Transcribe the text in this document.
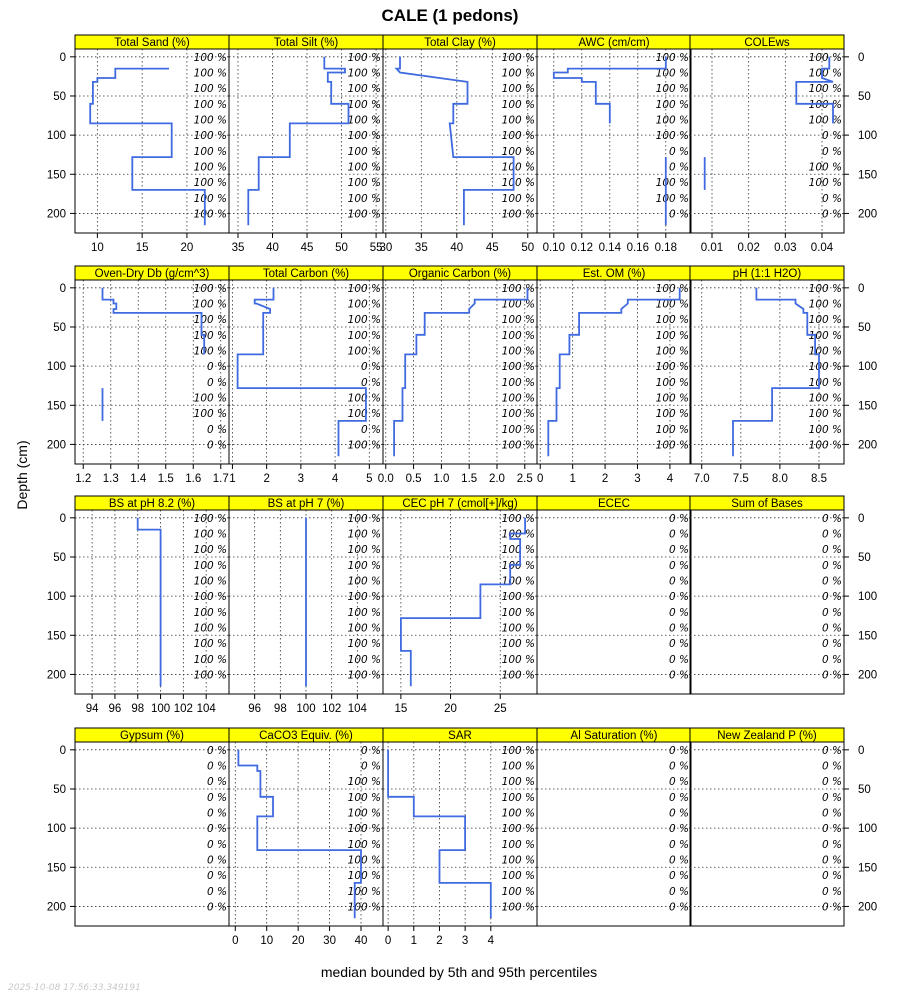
CALE (1 pedons)
Depth (cm)
median bounded by 5th and 95th percentiles
2025-10-08 17:56:33.349191
Total Sand (%)
100 %
100 %
100 %
100 %
100 %
100 %
100 %
100 %
100 %
100 %
100 %
10	15	20
0
50
100
150
200
Total Silt (%)
100 %
100 %
100 %
100 %
100 %
100 %
100 %
100 %
100 %
100 %
100 %
35 40 45 50 55
Total Clay (%)
100 %
100 %
100 %
100 %
100 %
100 %
100 %
100 %
100 %
100 %
100 %
30 35 40 45 50
AWC (cm/cm)
100 %
100 %
100 %
100 %
100 %
100 %
0 %
0 %
100 %
100 %
0 %
0.10 0.12 0.14 0.16 0.18
COLEws
100 %
100 %
100 %
100 %
100 %
0 %
0 %
100 %
100 %
0 %
0 %
0.01 0.02 0.03 0.04
0
50
100
150
200
Oven-Dry Db (g/cm^3)
100 %
100 %
100 %
100 %
100 %
0 %
0 %
100 %
100 %
0 %
0 %
1.2 1.3 1.4 1.5 1.6 1.7
0
50
100
150
200
Total Carbon (%)
100 %
100 %
100 %
100 %
100 %
0 %
0 %
100 %
100 %
0 %
100 %
1 2 3 4 5
Organic Carbon (%)
100 %
100 %
100 %
100 %
100 %
100 %
100 %
100 %
100 %
100 %
100 %
0.0 0.5 1.0 1.5 2.0 2.5
Est. OM (%)
100 %
100 %
100 %
100 %
100 %
100 %
100 %
100 %
100 %
100 %
100 %
0 1 2 3 4
pH (1:1 H2O)
100 %
100 %
100 %
100 %
100 %
100 %
100 %
100 %
100 %
100 %
100 %
7.0 7.5 8.0 8.5
0
50
100
150
200
BS at pH 8.2 (%)
100 %
100 %
100 %
100 %
100 %
100 %
100 %
100 %
100 %
100 %
100 %
94 96 98 100 102 104
0
50
100
150
200
BS at pH 7 (%)
100 %
100 %
100 %
100 %
100 %
100 %
100 %
100 %
100 %
100 %
100 %
96 98 100 102 104
CEC pH 7 (cmol[+]/kg)
100 %
100 %
100 %
100 %
100 %
100 %
100 %
100 %
100 %
100 %
100 %
15	20	25
ECEC
0 %
0 %
0 %
0 %
0 %
0 %
0 %
0 %
0 %
0 %
0 %
Sum of Bases
0 %
0 %
0 %
0 %
0 %
0 %
0 %
0 %
0 %
0 %
0 %
0
50
100
150
200
Gypsum (%)
0 %
0 %
0 %
0 %
0 %
0 %
0 %
0 %
0 %
0 %
0 %
0
50
100
150
200
CaCO3 Equiv. (%)
0 %
0 %
100 %
100 %
100 %
100 %
100 %
100 %
100 %
100 %
100 %
0 10 20 30 40
SAR
100 %
100 %
100 %
100 %
100 %
100 %
100 %
100 %
100 %
100 %
100 %
0 1 2 3 4
Al Saturation (%)
0 %
0 %
0 %
0 %
0 %
0 %
0 %
0 %
0 %
0 %
0 %
New Zealand P (%)
0 %
0 %
0 %
0 %
0 %
0 %
0 %
0 %
0 %
0 %
0 %
0
50
100
150
200
